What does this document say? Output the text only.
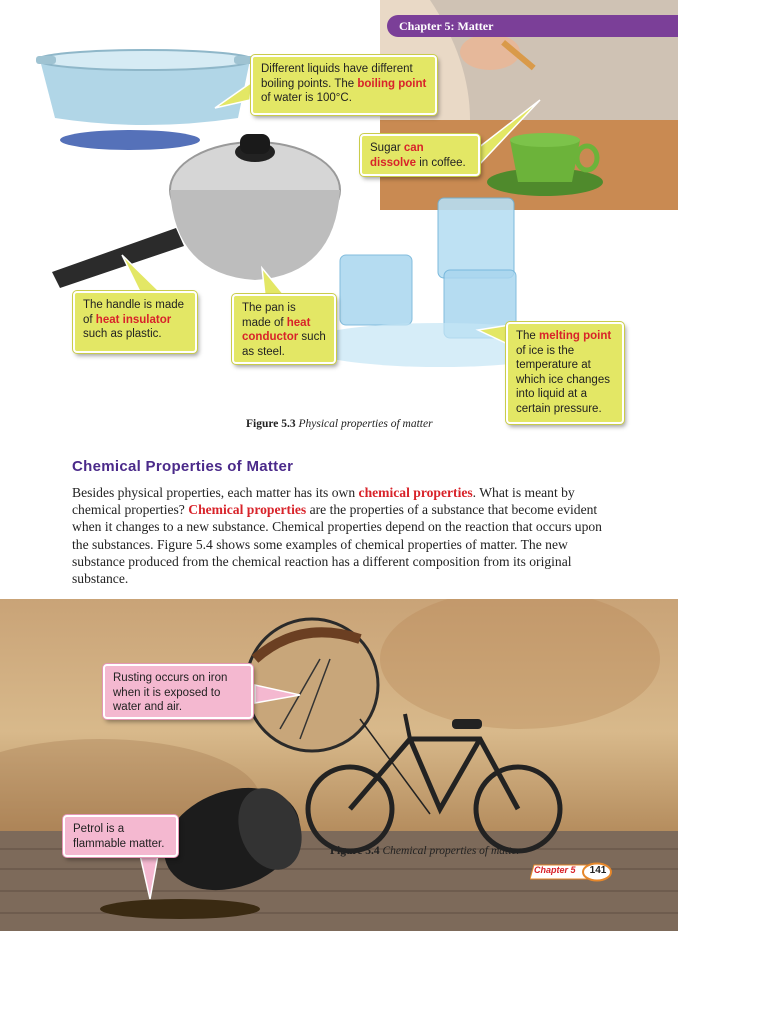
Chapter 5: Matter
Different liquids have different boiling points. The boiling point of water is 100°C.
Sugar can dissolve in coffee.
The handle is made of heat insulator such as plastic.
The pan is made of heat conductor such as steel.
The melting point of ice is the temperature at which ice changes into liquid at a certain pressure.
Figure 5.3 Physical properties of matter
Chemical Properties of Matter
Besides physical properties, each matter has its own chemical properties. What is meant by chemical properties? Chemical properties are the properties of a substance that become evident when it changes to a new substance. Chemical properties depend on the reaction that occurs upon the substances. Figure 5.4 shows some examples of chemical properties of matter. The new substance produced from the chemical reaction has a different composition from its original substance.
Rusting occurs on iron when it is exposed to water and air.
Petrol is a flammable matter.
Figure 5.4 Chemical properties of matter
Chapter 5 141
